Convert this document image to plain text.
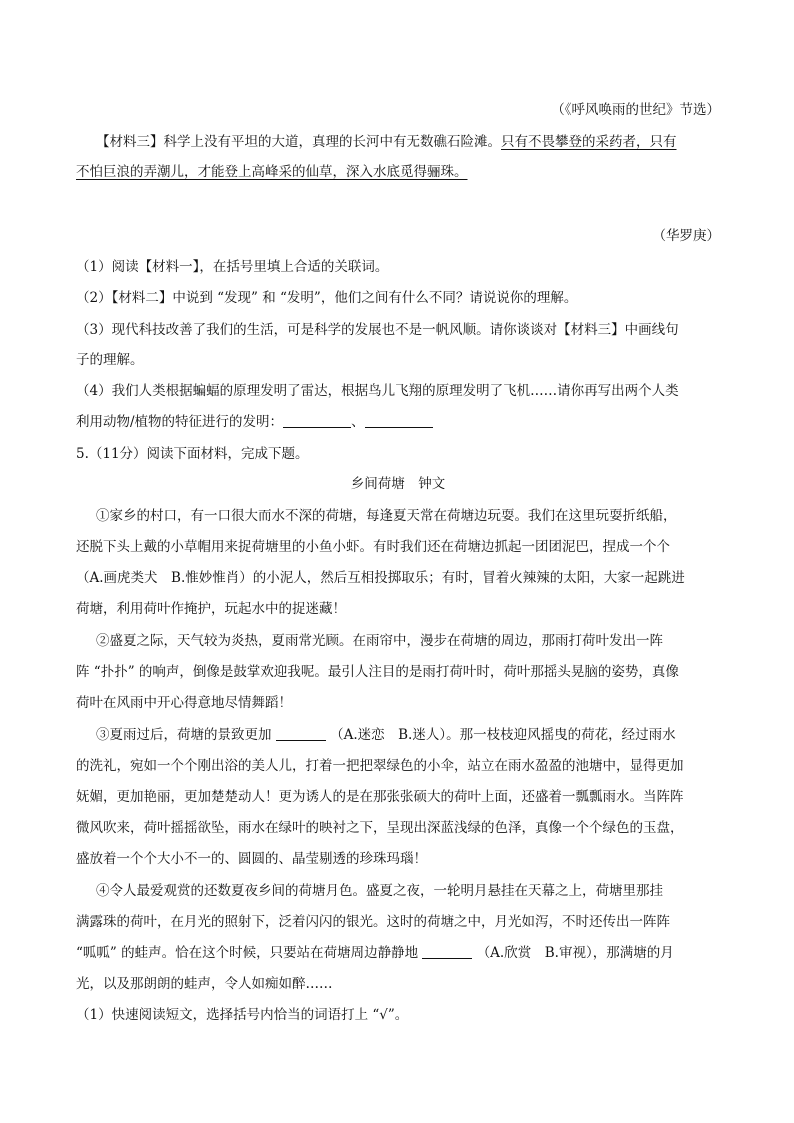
（《呼风唤雨的世纪》节选）
【材料三】科学上没有平坦的大道，真理的长河中有无数礁石险滩。只有不畏攀登的采药者，只有
不怕巨浪的弄潮儿，才能登上高峰采的仙草，深入水底觅得骊珠。
（华罗庚）
（1）阅读【材料一】，在括号里填上合适的关联词。
（2）【材料二】中说到 “发现” 和 “发明”，他们之间有什么不同？请说说你的理解。
（3）现代科技改善了我们的生活，可是科学的发展也不是一帆风顺。请你谈谈对【材料三】中画线句
子的理解。
（4）我们人类根据蝙蝠的原理发明了雷达，根据鸟儿飞翔的原理发明了飞机……请你再写出两个人类
利用动物/植物的特征进行的发明：	、
5.（11分）阅读下面材料，完成下题。
乡间荷塘　钟文
①家乡的村口，有一口很大而水不深的荷塘，每逢夏天常在荷塘边玩耍。我们在这里玩耍折纸船，
还脱下头上戴的小草帽用来捉荷塘里的小鱼小虾。有时我们还在荷塘边抓起一团团泥巴，捏成一个个
（A.画虎类犬　B.惟妙惟肖）的小泥人，然后互相投掷取乐；有时，冒着火辣辣的太阳，大家一起跳进
荷塘，利用荷叶作掩护，玩起水中的捉迷藏！
②盛夏之际，天气较为炎热，夏雨常光顾。在雨帘中，漫步在荷塘的周边，那雨打荷叶发出一阵
阵 “扑扑” 的响声，倒像是鼓掌欢迎我呢。最引人注目的是雨打荷叶时，荷叶那摇头晃脑的姿势，真像
荷叶在风雨中开心得意地尽情舞蹈！
③夏雨过后，荷塘的景致更加	（A.迷恋　B.迷人）。那一枝枝迎风摇曳的荷花，经过雨水
的洗礼，宛如一个个刚出浴的美人儿，打着一把把翠绿色的小伞，站立在雨水盈盈的池塘中，显得更加
妩媚，更加艳丽，更加楚楚动人！更为诱人的是在那张张硕大的荷叶上面，还盛着一瓢瓢雨水。当阵阵
微风吹来，荷叶摇摇欲坠，雨水在绿叶的映衬之下，呈现出深蓝浅绿的色泽，真像一个个绿色的玉盘，
盛放着一个个大小不一的、圆圆的、晶莹剔透的珍珠玛瑙！
④令人最爱观赏的还数夏夜乡间的荷塘月色。盛夏之夜，一轮明月悬挂在天幕之上，荷塘里那挂
满露珠的荷叶，在月光的照射下，泛着闪闪的银光。这时的荷塘之中，月光如泻，不时还传出一阵阵
“呱呱” 的蛙声。恰在这个时候，只要站在荷塘周边静静地	（A.欣赏　B.审视），那满塘的月
光，以及那朗朗的蛙声，令人如痴如醉……
（1）快速阅读短文，选择括号内恰当的词语打上 “√”。
